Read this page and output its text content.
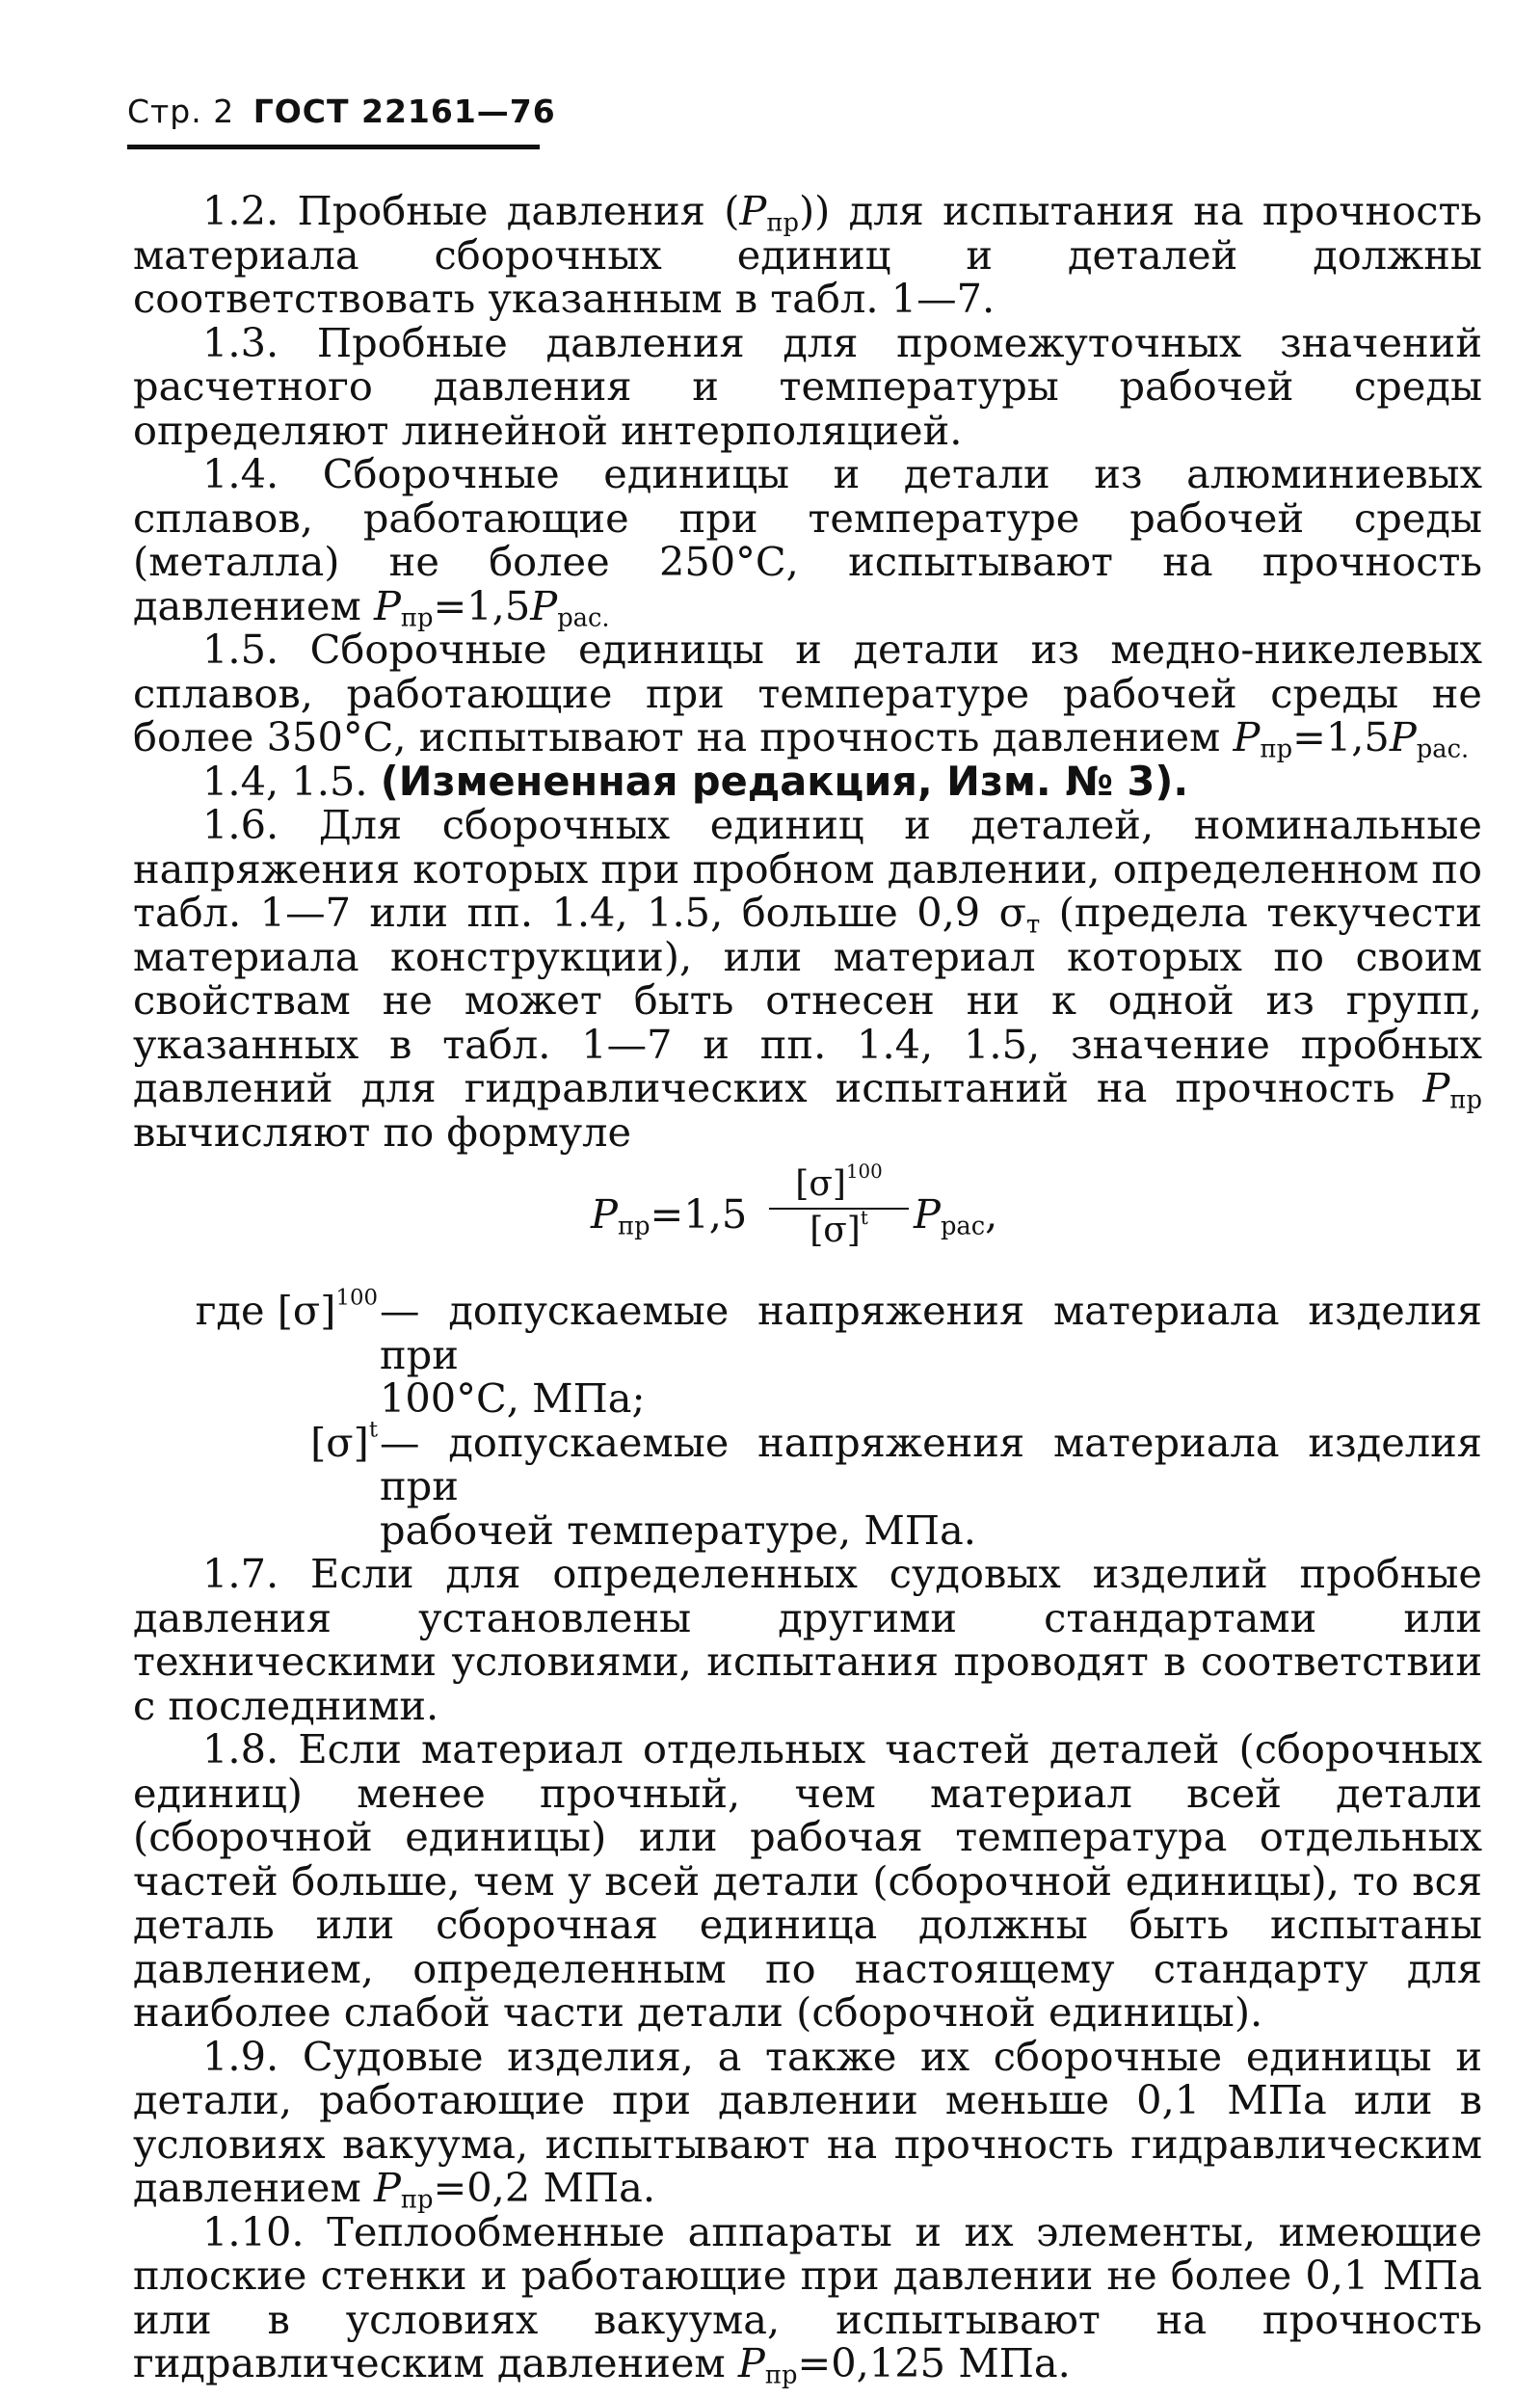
Стр. 2 ГОСТ 22161—76

1.2. Пробные давления $(P_{пр})$) для испытания на прочность материала сборочных единиц и деталей должны соответствовать указанным в табл. 1—7.

1.3. Пробные давления для промежуточных значений расчетного давления и температуры рабочей среды определяют линейной интерполяцией.

1.4. Сборочные единицы и детали из алюминиевых сплавов, работающие при температуре рабочей среды (металла) не более 250°С, испытывают на прочность давлением $P_{пр}=1,5P_{рас.}$

1.5. Сборочные единицы и детали из медно-никелевых сплавов, работающие при температуре рабочей среды не более 350°С, испытывают на прочность давлением $P_{пр}=1,5P_{рас.}$

1.4, 1.5. (Измененная редакция, Изм. № 3).

1.6. Для сборочных единиц и деталей, номинальные напряжения которых при пробном давлении, определенном по табл. 1—7 или пп. 1.4, 1.5, больше 0,9 $\sigma_т$ (предела текучести материала конструкции), или материал которых по своим свойствам не может быть отнесен ни к одной из групп, указанных в табл. 1—7 и пп. 1.4, 1.5, значение пробных давлений для гидравлических испытаний на прочность $P_{пр}$ вычисляют по формуле

$P_{пр}=1,5 \frac{[\sigma]^{100}}{[\sigma]^t} P_{рас}$,
где $[\sigma]^{100}$ — допускаемые напряжения материала изделия при
100°С, МПа;
$[\sigma]^t$ — допускаемые напряжения материала изделия при
рабочей температуре, МПа.

1.7. Если для определенных судовых изделий пробные давления установлены другими стандартами или техническими условиями, испытания проводят в соответствии с последними.

1.8. Если материал отдельных частей деталей (сборочных единиц) менее прочный, чем материал всей детали (сборочной единицы) или рабочая температура отдельных частей больше, чем у всей детали (сборочной единицы), то вся деталь или сборочная единица должны быть испытаны давлением, определенным по настоящему стандарту для наиболее слабой части детали (сборочной единицы).

1.9. Судовые изделия, а также их сборочные единицы и детали, работающие при давлении меньше 0,1 МПа или в условиях вакуума, испытывают на прочность гидравлическим давлением $P_{пр}=0,2$ МПа.

1.10. Теплообменные аппараты и их элементы, имеющие плоские стенки и работающие при давлении не более 0,1 МПа или в условиях вакуума, испытывают на прочность гидравлическим давлением $P_{пр}=0,125$ МПа.
